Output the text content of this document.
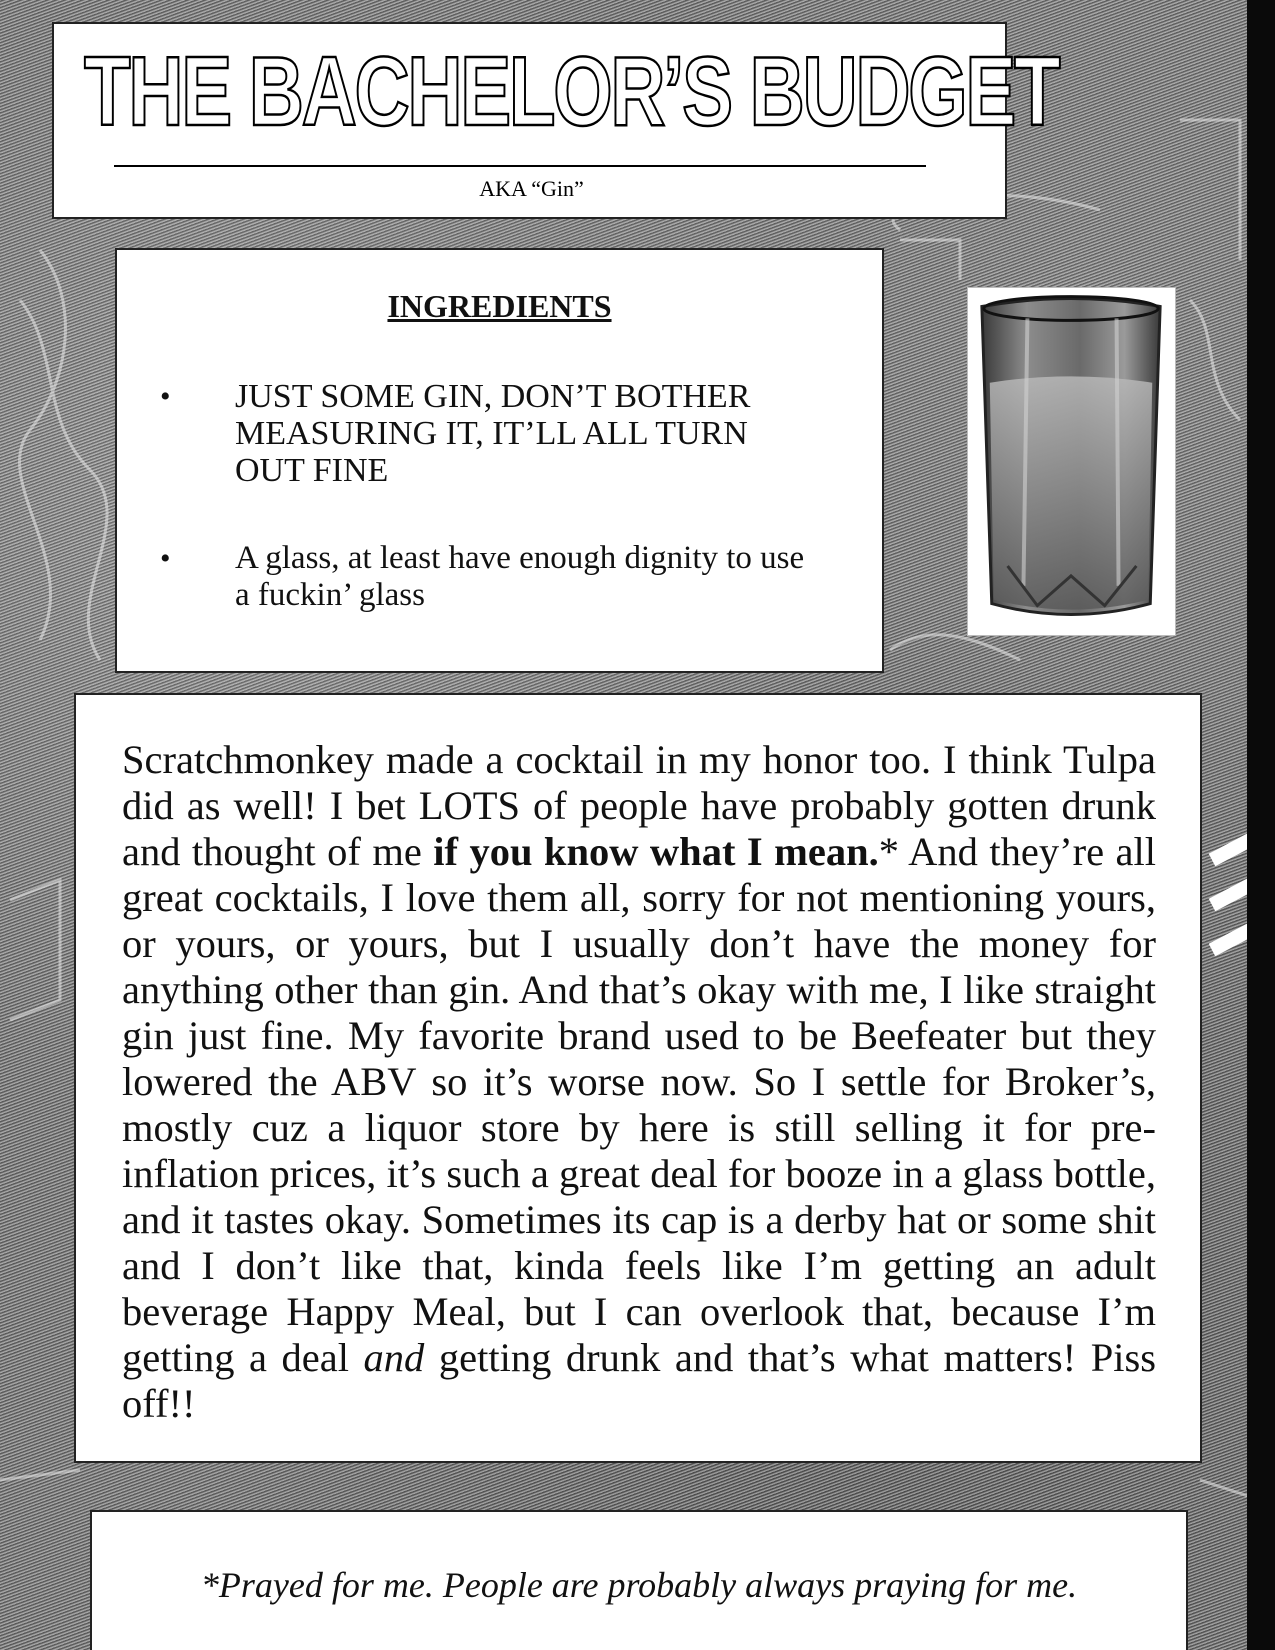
THE BACHELOR’S BUDGET
AKA “Gin”
INGREDIENTS
• JUST SOME GIN, DON’T BOTHER MEASURING IT, IT’LL ALL TURN OUT FINE
• A glass, at least have enough dignity to use a fuckin’ glass

Scratchmonkey made a cocktail in my honor too. I think Tulpa did as well! I bet LOTS of people have probably gotten drunk and thought of me if you know what I mean.* And they’re all great cocktails, I love them all, sorry for not mentioning yours, or yours, or yours, but I usually don’t have the money for anything other than gin. And that’s okay with me, I like straight gin just fine. My favorite brand used to be Beefeater but they lowered the ABV so it’s worse now. So I settle for Broker’s, mostly cuz a liquor store by here is still selling it for pre-inflation prices, it’s such a great deal for booze in a glass bottle, and it tastes okay. Sometimes its cap is a derby hat or some shit and I don’t like that, kinda feels like I’m getting an adult beverage Happy Meal, but I can overlook that, because I’m getting a deal and getting drunk and that’s what matters! Piss off!!

*Prayed for me. People are probably always praying for me.
